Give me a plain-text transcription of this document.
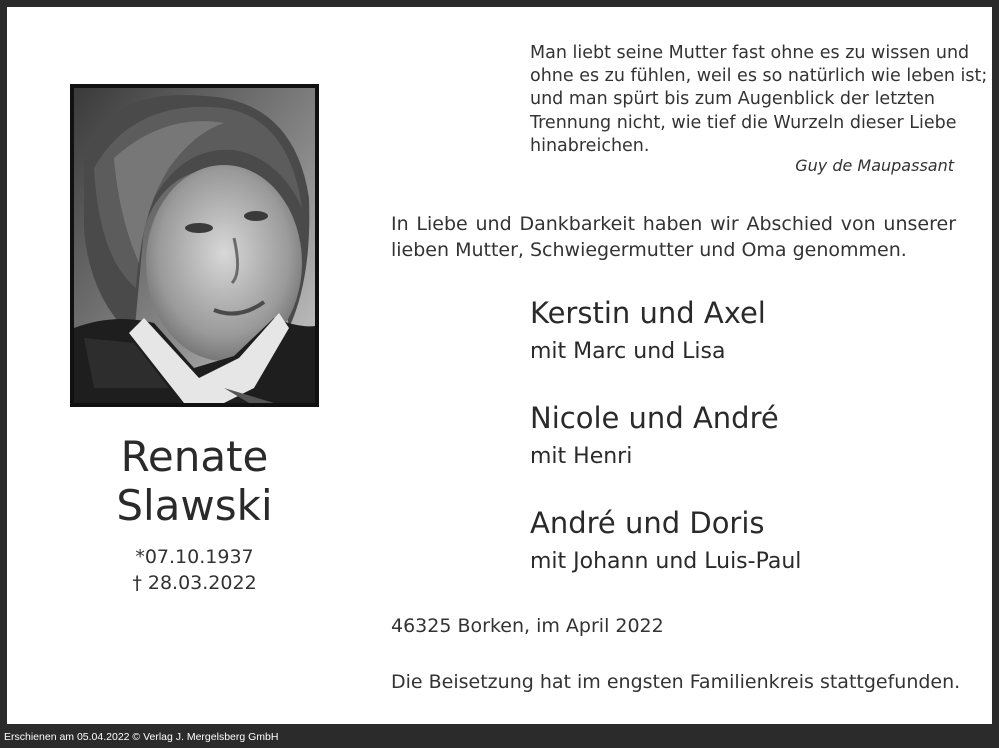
Renate
Slawski
*07.10.1937
† 28.03.2022
Man liebt seine Mutter fast ohne es zu wissen und
ohne es zu fühlen, weil es so natürlich wie leben ist;
und man spürt bis zum Augenblick der letzten
Trennung nicht, wie tief die Wurzeln dieser Liebe
hinabreichen.
Guy de Maupassant
In Liebe und Dankbarkeit haben wir Abschied von unserer lieben Mutter, Schwiegermutter und Oma genommen.
Kerstin und Axel
mit Marc und Lisa
Nicole und André
mit Henri
André und Doris
mit Johann und Luis-Paul
46325 Borken, im April 2022
Die Beisetzung hat im engsten Familienkreis stattgefunden.
Erschienen am 05.04.2022 © Verlag J. Mergelsberg GmbH
